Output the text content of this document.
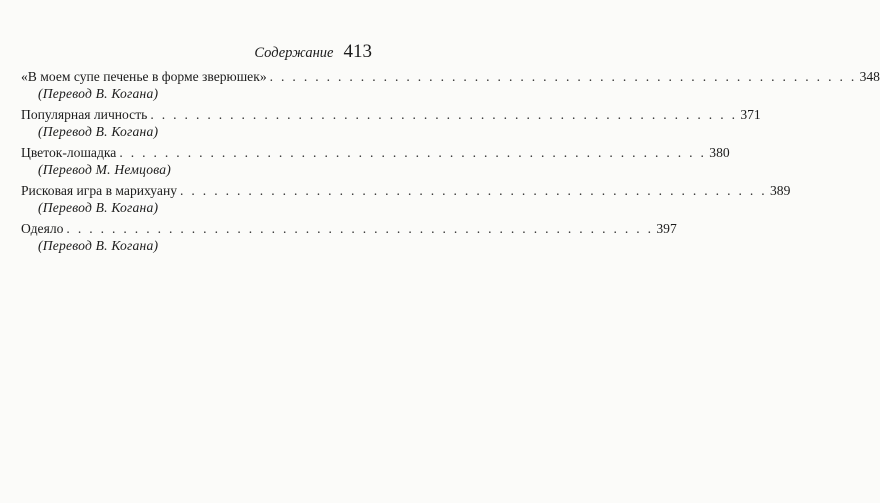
Содержание 413
«В моем супе печенье в форме зверюшек» . . . . . . . . . . . . . . . . . . . . . . . . . . . . . . . . . . . . . . . . . . . . . . . . . . . . 348
(Перевод В. Когана)
Популярная личность . . . . . . . . . . . . . . . . . . . . . . . . . . . . . . . . . . . . . . . . . . . . . . . . . . . . 371
(Перевод В. Когана)
Цветок-лошадка . . . . . . . . . . . . . . . . . . . . . . . . . . . . . . . . . . . . . . . . . . . . . . . . . . . . 380
(Перевод М. Немцова)
Рисковая игра в марихуану . . . . . . . . . . . . . . . . . . . . . . . . . . . . . . . . . . . . . . . . . . . . . . . . . . . . 389
(Перевод В. Когана)
Одеяло . . . . . . . . . . . . . . . . . . . . . . . . . . . . . . . . . . . . . . . . . . . . . . . . . . . . 397
(Перевод В. Когана)
